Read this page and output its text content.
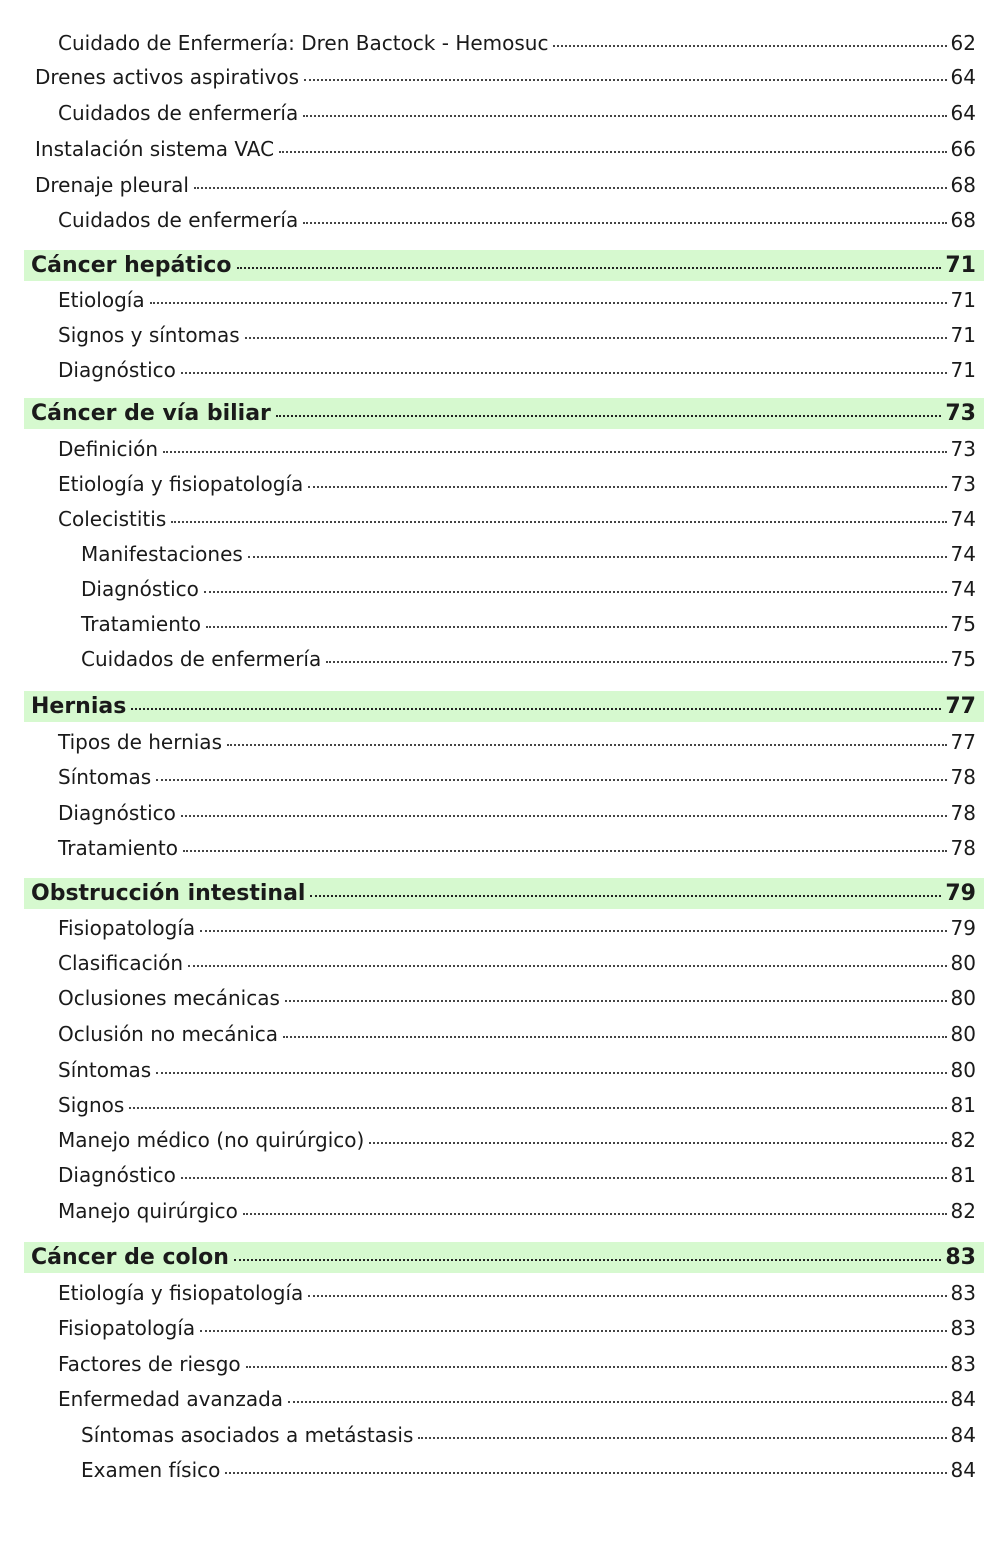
Cuidado de Enfermería: Dren Bactock - Hemosuc	62
Drenes activos aspirativos	64
Cuidados de enfermería	64
Instalación sistema VAC	66
Drenaje pleural	68
Cuidados de enfermería	68
Cáncer hepático	71
Etiología	71
Signos y síntomas	71
Diagnóstico	71
Cáncer de vía biliar	73
Definición	73
Etiología y fisiopatología	73
Colecistitis	74
Manifestaciones	74
Diagnóstico	74
Tratamiento	75
Cuidados de enfermería	75
Hernias	77
Tipos de hernias	77
Síntomas	78
Diagnóstico	78
Tratamiento	78
Obstrucción intestinal	79
Fisiopatología	79
Clasificación	80
Oclusiones mecánicas	80
Oclusión no mecánica	80
Síntomas	80
Signos	81
Manejo médico (no quirúrgico)	82
Diagnóstico	81
Manejo quirúrgico	82
Cáncer de colon	83
Etiología y fisiopatología	83
Fisiopatología	83
Factores de riesgo	83
Enfermedad avanzada	84
Síntomas asociados a metástasis	84
Examen físico	84
